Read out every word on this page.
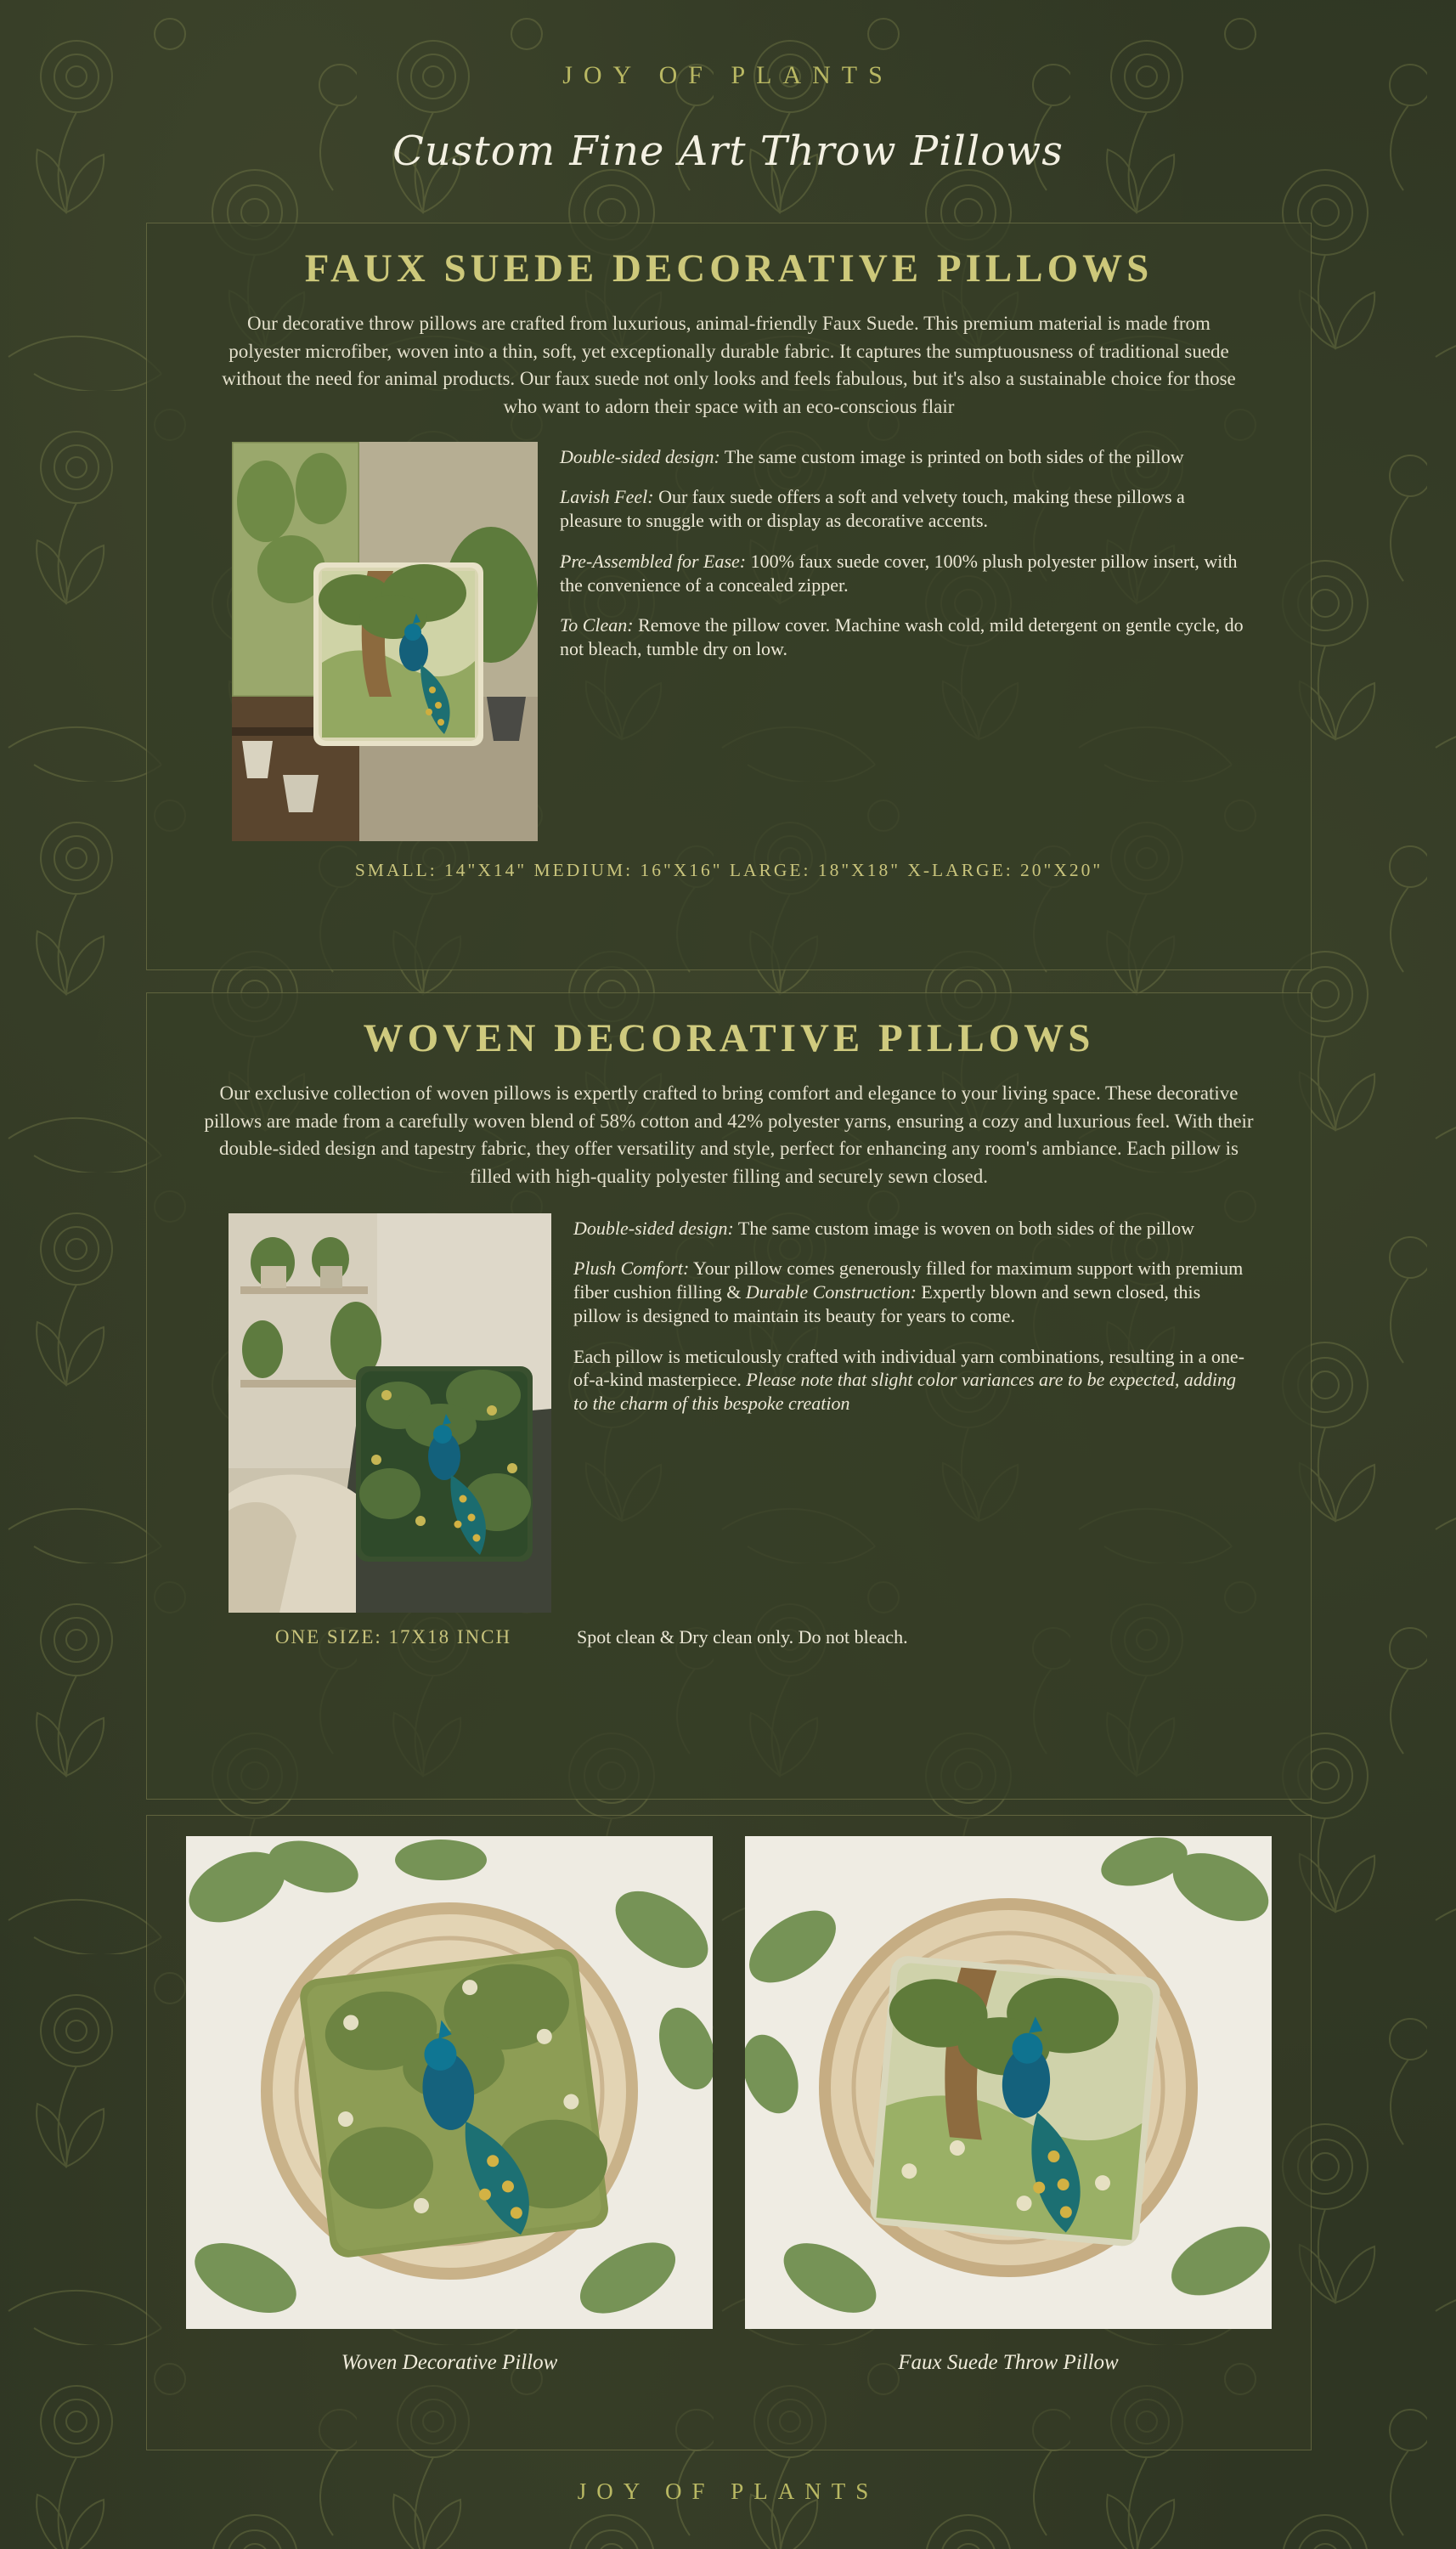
JOY OF PLANTS
Custom Fine Art Throw Pillows
FAUX SUEDE DECORATIVE PILLOWS

Our decorative throw pillows are crafted from luxurious, animal-friendly Faux Suede. This premium material is made from polyester microfiber, woven into a thin, soft, yet exceptionally durable fabric. It captures the sumptuousness of traditional suede without the need for animal products. Our faux suede not only looks and feels fabulous, but it's also a sustainable choice for those who want to adorn their space with an eco-conscious flair

Double-sided design: The same custom image is printed on both sides of the pillow

Lavish Feel: Our faux suede offers a soft and velvety touch, making these pillows a pleasure to snuggle with or display as decorative accents.

Pre-Assembled for Ease: 100% faux suede cover, 100% plush polyester pillow insert, with the convenience of a concealed zipper.

To Clean: Remove the pillow cover. Machine wash cold, mild detergent on gentle cycle, do not bleach, tumble dry on low.

SMALL: 14"X14" MEDIUM: 16"X16" LARGE: 18"X18" X-LARGE: 20"X20"
WOVEN DECORATIVE PILLOWS

Our exclusive collection of woven pillows is expertly crafted to bring comfort and elegance to your living space. These decorative pillows are made from a carefully woven blend of 58% cotton and 42% polyester yarns, ensuring a cozy and luxurious feel. With their double-sided design and tapestry fabric, they offer versatility and style, perfect for enhancing any room's ambiance. Each pillow is filled with high-quality polyester filling and securely sewn closed.

Double-sided design: The same custom image is woven on both sides of the pillow

Plush Comfort: Your pillow comes generously filled for maximum support with premium fiber cushion filling & Durable Construction: Expertly blown and sewn closed, this pillow is designed to maintain its beauty for years to come.

Each pillow is meticulously crafted with individual yarn combinations, resulting in a one-of-a-kind masterpiece. Please note that slight color variances are to be expected, adding to the charm of this bespoke creation

ONE SIZE: 17X18 INCH	Spot clean & Dry clean only. Do not bleach.
Woven Decorative Pillow	Faux Suede Throw Pillow
JOY OF PLANTS
